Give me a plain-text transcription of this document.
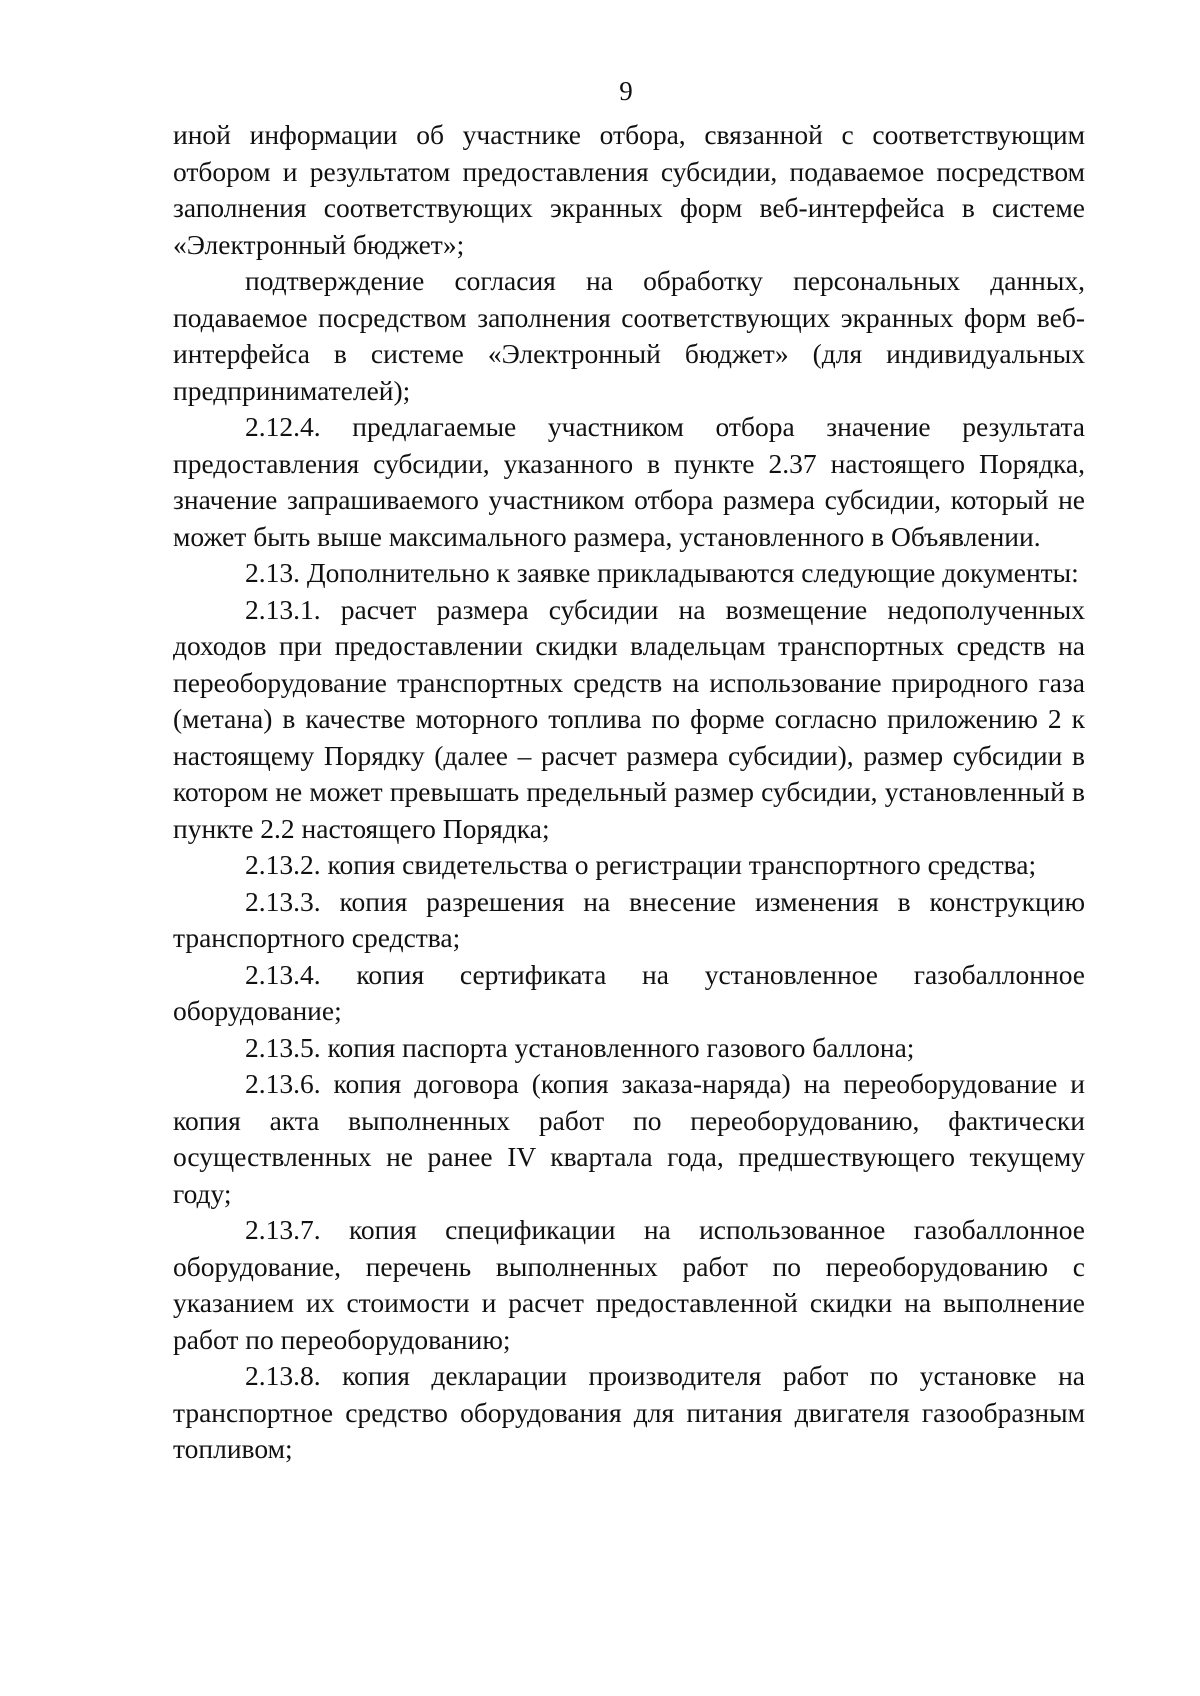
9

иной информации об участнике отбора, связанной с соответствующим отбором и результатом предоставления субсидии, подаваемое посредством заполнения соответствующих экранных форм веб-интерфейса в системе «Электронный бюджет»;

подтверждение согласия на обработку персональных данных, подаваемое посредством заполнения соответствующих экранных форм веб-интерфейса в системе «Электронный бюджет» (для индивидуальных предпринимателей);

2.12.4. предлагаемые участником отбора значение результата предоставления субсидии, указанного в пункте 2.37 настоящего Порядка, значение запрашиваемого участником отбора размера субсидии, который не может быть выше максимального размера, установленного в Объявлении.

2.13. Дополнительно к заявке прикладываются следующие документы:

2.13.1. расчет размера субсидии на возмещение недополученных доходов при предоставлении скидки владельцам транспортных средств на переоборудование транспортных средств на использование природного газа (метана) в качестве моторного топлива по форме согласно приложению 2 к настоящему Порядку (далее – расчет размера субсидии), размер субсидии в котором не может превышать предельный размер субсидии, установленный в пункте 2.2 настоящего Порядка;

2.13.2. копия свидетельства о регистрации транспортного средства;

2.13.3. копия разрешения на внесение изменения в конструкцию транспортного средства;

2.13.4. копия сертификата на установленное газобаллонное оборудование;

2.13.5. копия паспорта установленного газового баллона;

2.13.6. копия договора (копия заказа-наряда) на переоборудование и копия акта выполненных работ по переоборудованию, фактически осуществленных не ранее IV квартала года, предшествующего текущему году;

2.13.7. копия спецификации на использованное газобаллонное оборудование, перечень выполненных работ по переоборудованию с указанием их стоимости и расчет предоставленной скидки на выполнение работ по переоборудованию;

2.13.8. копия декларации производителя работ по установке на транспортное средство оборудования для питания двигателя газообразным топливом;
